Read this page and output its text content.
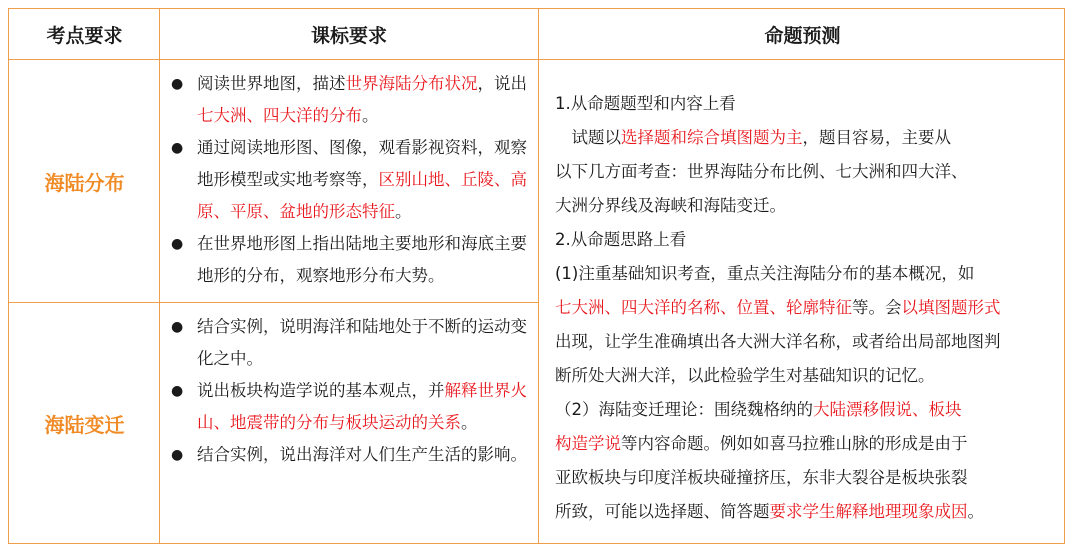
考点要求	课标要求	命题预测
海陆分布
海陆变迁
● 阅读世界地图，描述世界海陆分布状况，说出七大洲、四大洋的分布。
● 通过阅读地形图、图像，观看影视资料，观察地形模型或实地考察等，区别山地、丘陵、高原、平原、盆地的形态特征。
● 在世界地形图上指出陆地主要地形和海底主要地形的分布，观察地形分布大势。
● 结合实例，说明海洋和陆地处于不断的运动变化之中。
● 说出板块构造学说的基本观点，并解释世界火山、地震带的分布与板块运动的关系。
● 结合实例，说出海洋对人们生产生活的影响。
1.从命题题型和内容上看
　试题以选择题和综合填图题为主，题目容易，主要从
以下几方面考查：世界海陆分布比例、七大洲和四大洋、
大洲分界线及海峡和海陆变迁。
2.从命题思路上看
(1)注重基础知识考查，重点关注海陆分布的基本概况，如
七大洲、四大洋的名称、位置、轮廓特征等。会以填图题形式
出现，让学生准确填出各大洲大洋名称，或者给出局部地图判
断所处大洲大洋，以此检验学生对基础知识的记忆。
（2）海陆变迁理论：围绕魏格纳的大陆漂移假说、板块
构造学说等内容命题。例如如喜马拉雅山脉的形成是由于
亚欧板块与印度洋板块碰撞挤压，东非大裂谷是板块张裂
所致，可能以选择题、简答题要求学生解释地理现象成因。
